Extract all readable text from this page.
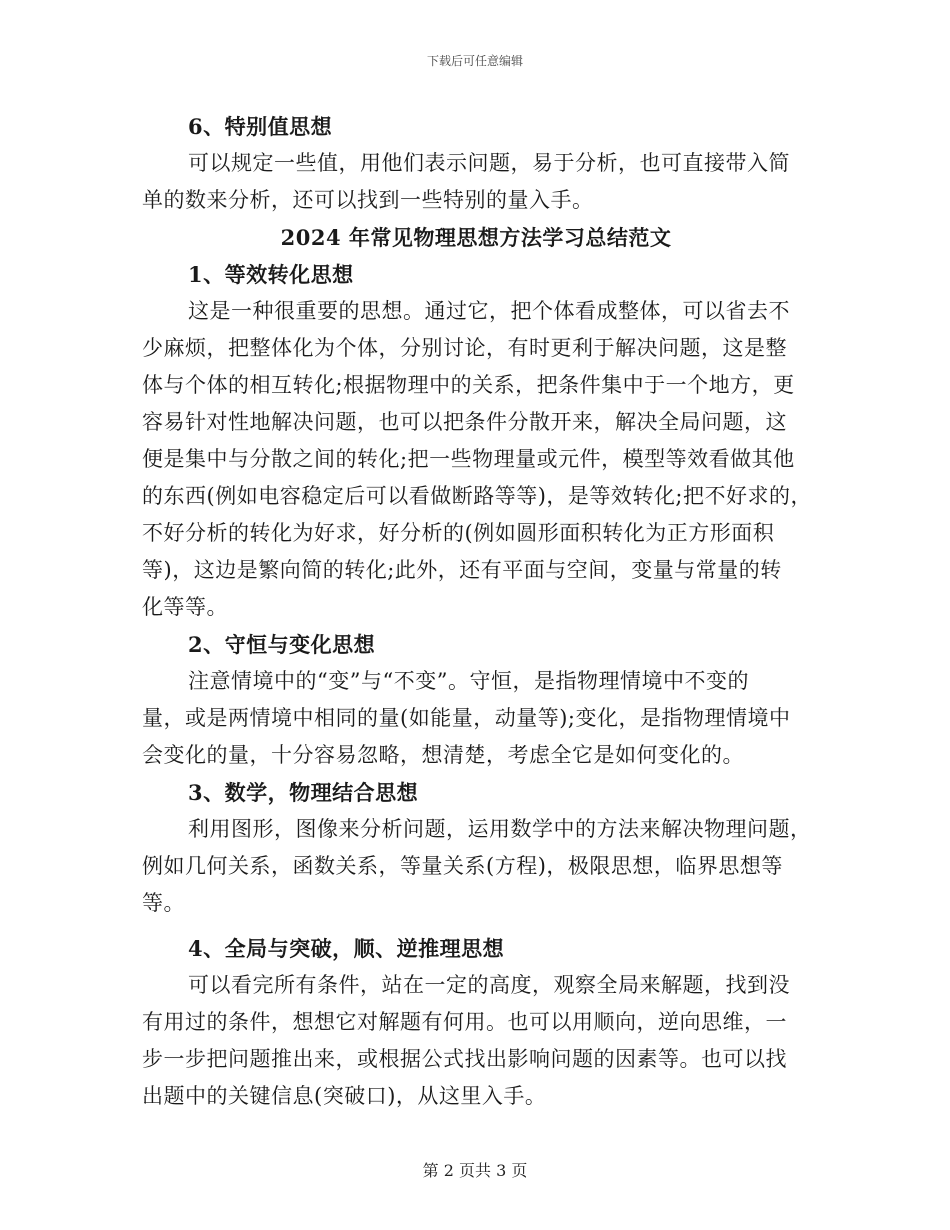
下载后可任意编辑
6、特别值思想
可以规定一些值，用他们表示问题，易于分析，也可直接带入简
单的数来分析，还可以找到一些特别的量入手。
2024 年常见物理思想方法学习总结范文
1、等效转化思想
这是一种很重要的思想。通过它，把个体看成整体，可以省去不
少麻烦，把整体化为个体，分别讨论，有时更利于解决问题，这是整
体与个体的相互转化;根据物理中的关系，把条件集中于一个地方，更
容易针对性地解决问题，也可以把条件分散开来，解决全局问题，这
便是集中与分散之间的转化;把一些物理量或元件，模型等效看做其他
的东西(例如电容稳定后可以看做断路等等)，是等效转化;把不好求的，
不好分析的转化为好求，好分析的(例如圆形面积转化为正方形面积
等)，这边是繁向简的转化;此外，还有平面与空间，变量与常量的转
化等等。
2、守恒与变化思想
注意情境中的“变”与“不变”。守恒，是指物理情境中不变的
量，或是两情境中相同的量(如能量，动量等);变化，是指物理情境中
会变化的量，十分容易忽略，想清楚，考虑全它是如何变化的。
3、数学，物理结合思想
利用图形，图像来分析问题，运用数学中的方法来解决物理问题，
例如几何关系，函数关系，等量关系(方程)，极限思想，临界思想等
等。
4、全局与突破，顺、逆推理思想
可以看完所有条件，站在一定的高度，观察全局来解题，找到没
有用过的条件，想想它对解题有何用。也可以用顺向，逆向思维，一
步一步把问题推出来，或根据公式找出影响问题的因素等。也可以找
出题中的关键信息(突破口)，从这里入手。
第 2 页共 3 页
